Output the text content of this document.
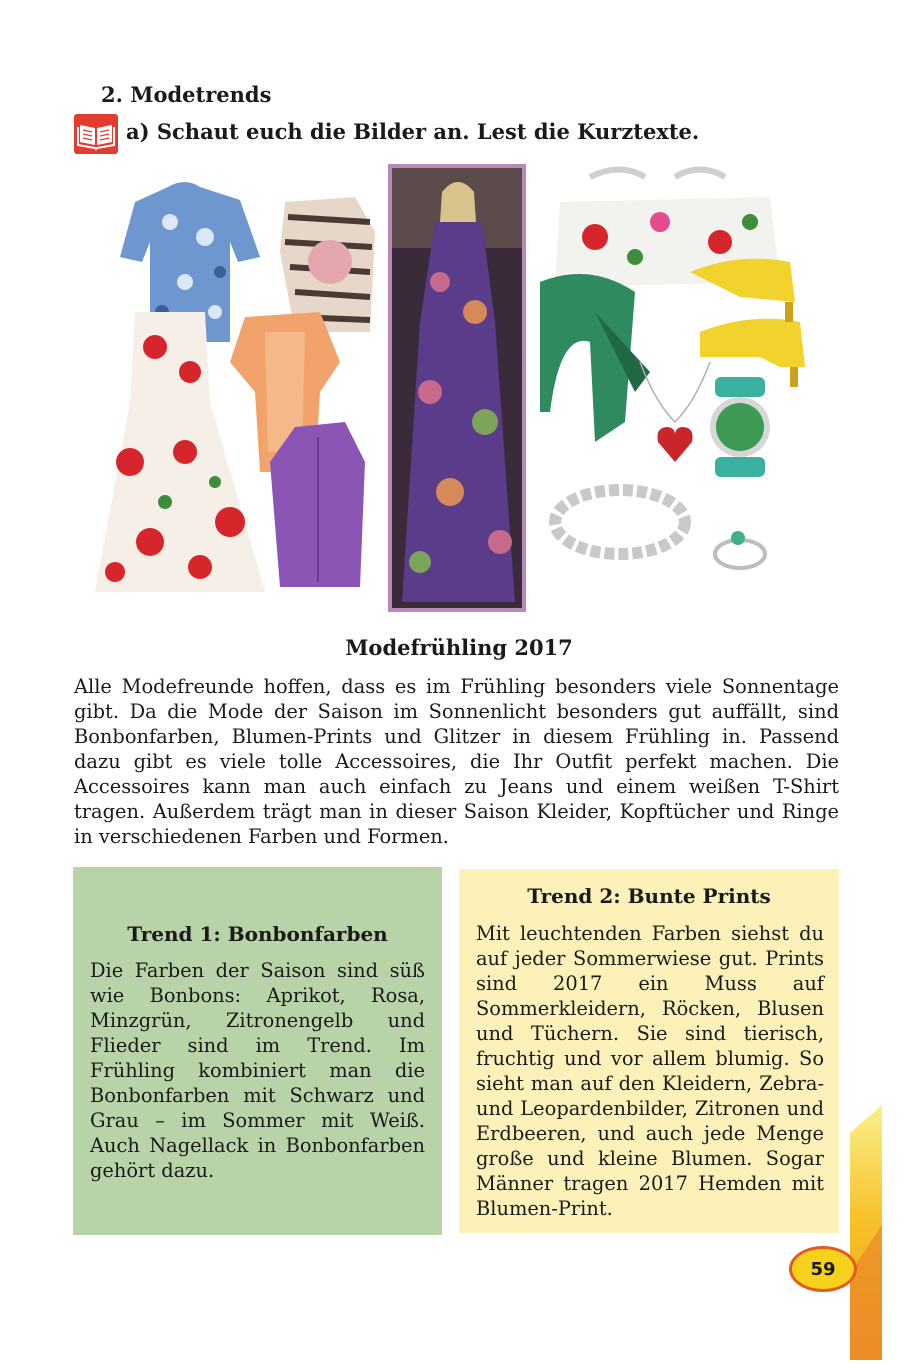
2. Modetrends
a) Schaut euch die Bilder an. Lest die Kurztexte.
Modefrühling 2017
Alle Modefreunde hoffen, dass es im Frühling besonders viele Sonnentage gibt. Da die Mode der Saison im Sonnenlicht besonders gut auffällt, sind Bonbonfarben, Blumen-Prints und Glitzer in diesem Frühling in. Passend dazu gibt es viele tolle Accessoires, die Ihr Outfit perfekt machen. Die Accessoires kann man auch einfach zu Jeans und einem weißen T-Shirt tragen. Außerdem trägt man in dieser Saison Kleider, Kopftücher und Ringe in verschiedenen Farben und Formen.
Trend 1: Bonbonfarben
Die Farben der Saison sind süß wie Bonbons: Aprikot, Rosa, Minzgrün, Zitronengelb und Flieder sind im Trend. Im Frühling kombiniert man die Bonbonfarben mit Schwarz und Grau – im Sommer mit Weiß. Auch Nagellack in Bonbonfarben gehört dazu.
Trend 2: Bunte Prints
Mit leuchtenden Farben siehst du auf jeder Sommerwiese gut. Prints sind 2017 ein Muss auf Sommerkleidern, Röcken, Blusen und Tüchern. Sie sind tierisch, fruchtig und vor allem blumig. So sieht man auf den Kleidern, Zebra- und Leopardenbilder, Zitronen und Erdbeeren, und auch jede Menge große und kleine Blumen. Sogar Männer tragen 2017 Hemden mit Blumen-Print.
59
